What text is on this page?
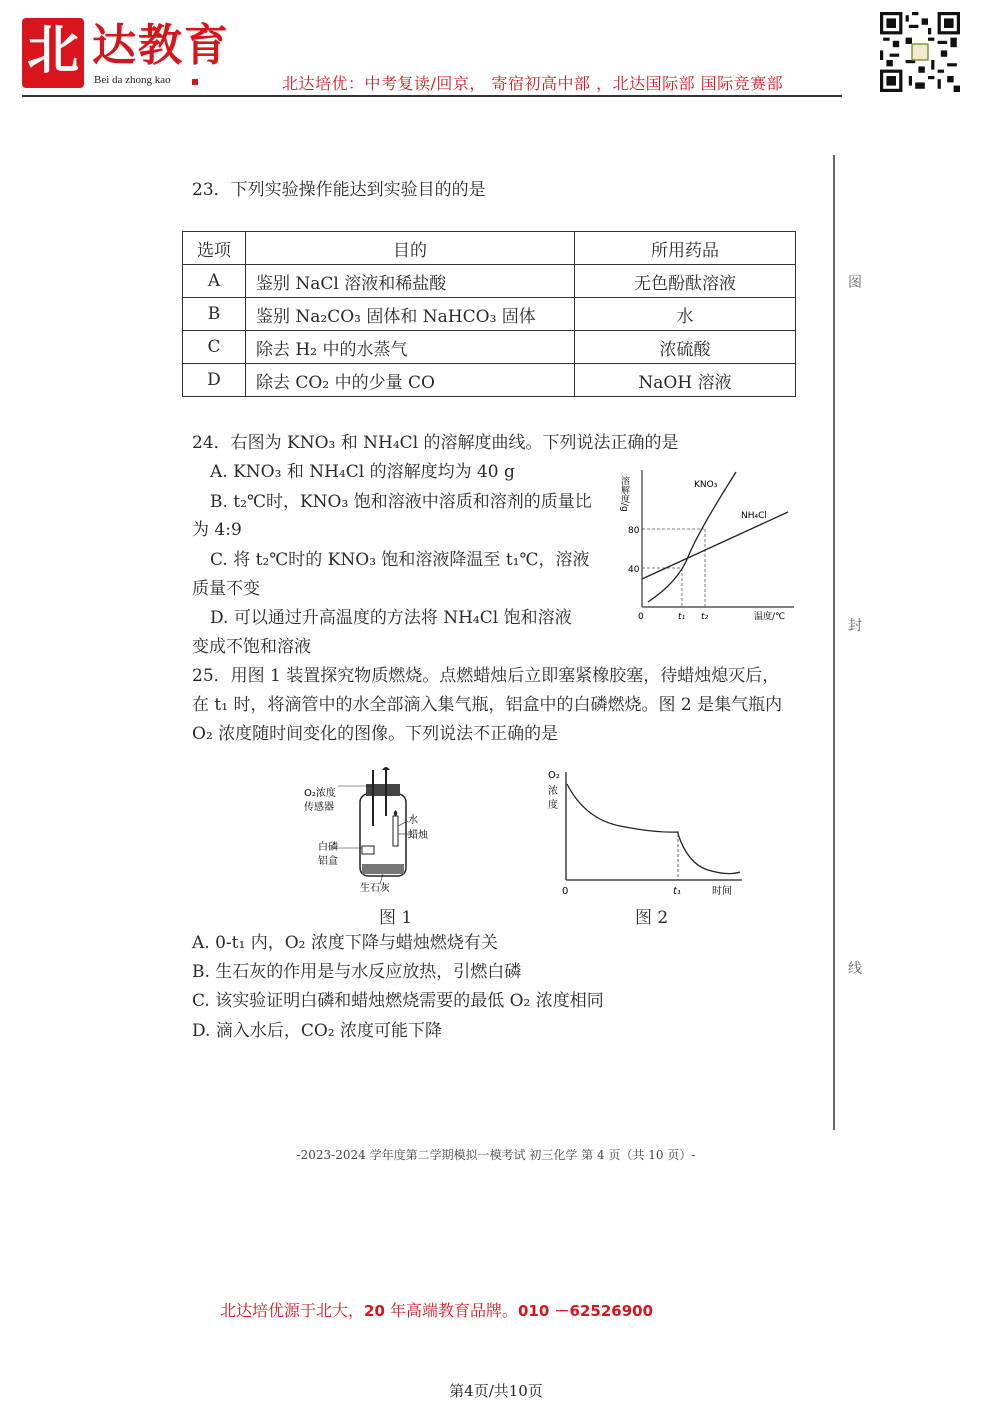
北 达教育
Bei da zhong kao	北达培优：中考复读/回京， 寄宿初高中部 ，北达国际部 国际竞赛部
图
封
线
23．下列实验操作能达到实验目的的是
选项	目的	所用药品
A	鉴别 NaCl 溶液和稀盐酸	无色酚酞溶液
B	鉴别 Na₂CO₃ 固体和 NaHCO₃ 固体	水
C	除去 H₂ 中的水蒸气	浓硫酸
D	除去 CO₂ 中的少量 CO	NaOH 溶液
24．右图为 KNO₃ 和 NH₄Cl 的溶解度曲线。下列说法正确的是
A. KNO₃ 和 NH₄Cl 的溶解度均为 40 g
B. t₂℃时，KNO₃ 饱和溶液中溶质和溶剂的质量比
为 4:9
C. 将 t₂℃时的 KNO₃ 饱和溶液降温至 t₁℃，溶液
质量不变
D. 可以通过升高温度的方法将 NH₄Cl 饱和溶液
变成不饱和溶液
溶解度/g
80
40
0	t₁ t₂	温度/℃
KNO₃
NH₄Cl
25．用图 1 装置探究物质燃烧。点燃蜡烛后立即塞紧橡胶塞，待蜡烛熄灭后，
在 t₁ 时，将滴管中的水全部滴入集气瓶，铝盒中的白磷燃烧。图 2 是集气瓶内
O₂ 浓度随时间变化的图像。下列说法不正确的是
O₂浓度
传感器
水
蜡烛
白磷
铝盒
生石灰
图 1
O₂
浓
度
0	t₁	时间
图 2
A. 0-t₁ 内，O₂ 浓度下降与蜡烛燃烧有关
B. 生石灰的作用是与水反应放热，引燃白磷
C. 该实验证明白磷和蜡烛燃烧需要的最低 O₂ 浓度相同
D. 滴入水后，CO₂ 浓度可能下降
-2023-2024 学年度第二学期模拟一模考试 初三化学 第 4 页（共 10 页）-
北达培优源于北大，20 年高端教育品牌。010 －62526900
第4页/共10页
